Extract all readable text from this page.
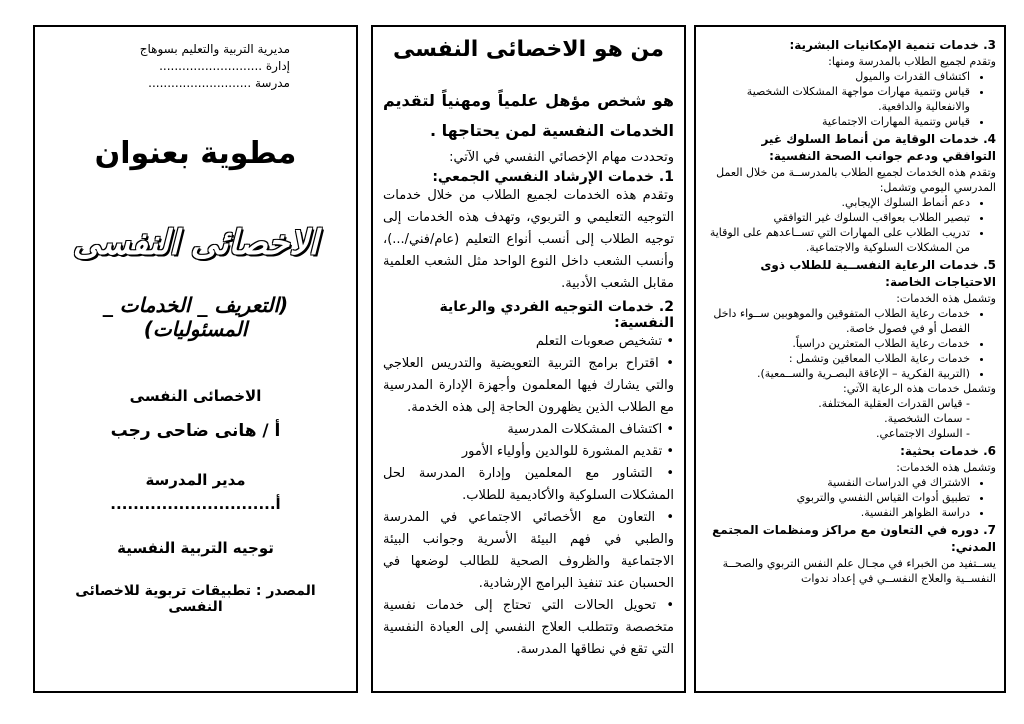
مديرية التربية والتعليم بسوهاج
إدارة ...........................
مدرسة ...........................
مطوية بعنوان
الاخصائى النفسى
(التعريف _ الخدمات _ المسئوليات)
الاخصائى النفسى
أ / هانى ضاحى رجب
مدير المدرسة
أ.............................
توجيه التربية النفسية
المصدر : تطبيقات تربوية للاخصائى النفسى
من هو الاخصائى النفسى
هو شخص مؤهل علمياً ومهنياً لتقديم الخدمات النفسية لمن يحتاجها .
وتحددت مهام الإخصائي النفسي في الآتي:
1. خدمات الإرشاد النفسي الجمعي:
وتقدم هذه الخدمات لجميع الطلاب من خلال خدمات التوجيه التعليمي و التربوي، وتهدف هذه الخدمات إلى توجيه الطلاب إلى أنسب أنواع التعليم (عام/فني/...)، وأنسب الشعب داخل النوع الواحد مثل الشعب العلمية مقابل الشعب الأدبية.
2. خدمات التوجيه الفردي والرعاية النفسية:
• تشخيص صعوبات التعلم
• اقتراح برامج التربية التعويضية والتدريس العلاجي والتي يشارك فيها المعلمون وأجهزة الإدارة المدرسية مع الطلاب الذين يظهرون الحاجة إلى هذه الخدمة.
• اكتشاف المشكلات المدرسية
• تقديم المشورة للوالدين وأولياء الأمور
• التشاور مع المعلمين وإدارة المدرسة لحل المشكلات السلوكية والأكاديمية للطلاب.
• التعاون مع الأخصائي الاجتماعي في المدرسة والطبي في فهم البيئة الأسرية وجوانب البيئة الاجتماعية والظروف الصحية للطالب لوضعها في الحسبان عند تنفيذ البرامج الإرشادية.
• تحويل الحالات التي تحتاج إلى خدمات نفسية متخصصة وتتطلب العلاج النفسي إلى العيادة النفسية التي تقع في نطاقها المدرسة.
3. خدمات تنمية الإمكانيات البشرية:
وتقدم لجميع الطلاب بالمدرسة ومنها:
• اكتشاف القدرات والميول
• قياس وتنمية مهارات مواجهة المشكلات الشخصية والانفعالية والدافعية.
• قياس وتنمية المهارات الاجتماعية
4. خدمات الوقاية من أنماط السلوك غير التوافقي ودعم جوانب الصحة النفسية:
وتقدم هذه الخدمات لجميع الطلاب بالمدرســة من خلال العمل المدرسي اليومي وتشمل:
• دعم أنماط السلوك الإيجابي.
• تبصير الطلاب بعواقب السلوك غير التوافقي
• تدريب الطلاب على المهارات التي تســاعدهم على الوقاية من المشكلات السلوكية والاجتماعية.
5. خدمات الرعاية النفســية للطلاب ذوى الاحتياجات الخاصة:
وتشمل هذه الخدمات:
• خدمات رعاية الطلاب المتفوقين والموهوبين ســواء داخل الفصل أو في فصول خاصة.
• خدمات رعاية الطلاب المتعثرين دراسياً.
• خدمات رعاية الطلاب المعاقين وتشمل :
• (التربية الفكرية – الإعاقة البصـرية والســمعية).
وتشمل خدمات هذه الرعاية الآتي:
- قياس القدرات العقلية المختلفة.
- سمات الشخصية.
- السلوك الاجتماعي.
6. خدمات بحثية:
وتشمل هذه الخدمات:
• الاشتراك في الدراسات النفسية
• تطبيق أدوات القياس النفسي والتربوي
• دراسة الظواهر النفسية.
7. دوره في التعاون مع مراكز ومنظمات المجتمع المدني:
يســتفيد من الخبراء في مجـال علم النفس التربوي والصحــة النفســية والعلاج النفســي في إعداد ندوات
